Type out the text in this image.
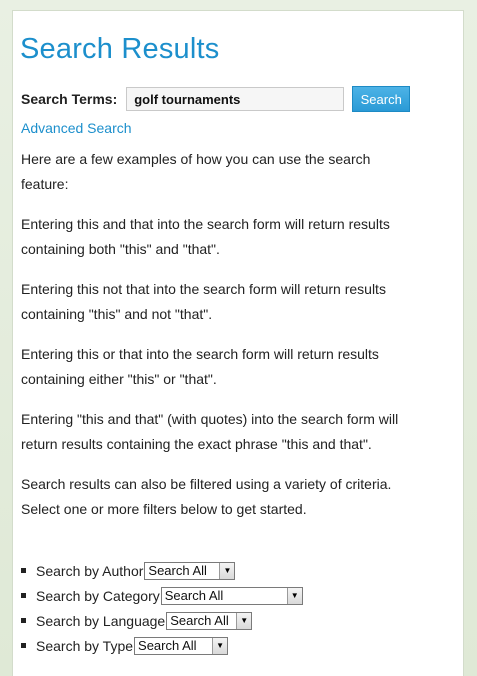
Search Results
Search Terms:
golf tournaments	Search
Advanced Search

Here are a few examples of how you can use the search feature:

Entering this and that into the search form will return results containing both "this" and "that".

Entering this not that into the search form will return results containing "this" and not "that".

Entering this or that into the search form will return results containing either "this" or "that".

Entering "this and that" (with quotes) into the search form will return results containing the exact phrase "this and that".

Search results can also be filtered using a variety of criteria. Select one or more filters below to get started.

Search by Author Search All	▼
Search by Category Search All	▼
Search by Language Search All	▼
Search by Type Search All	▼
